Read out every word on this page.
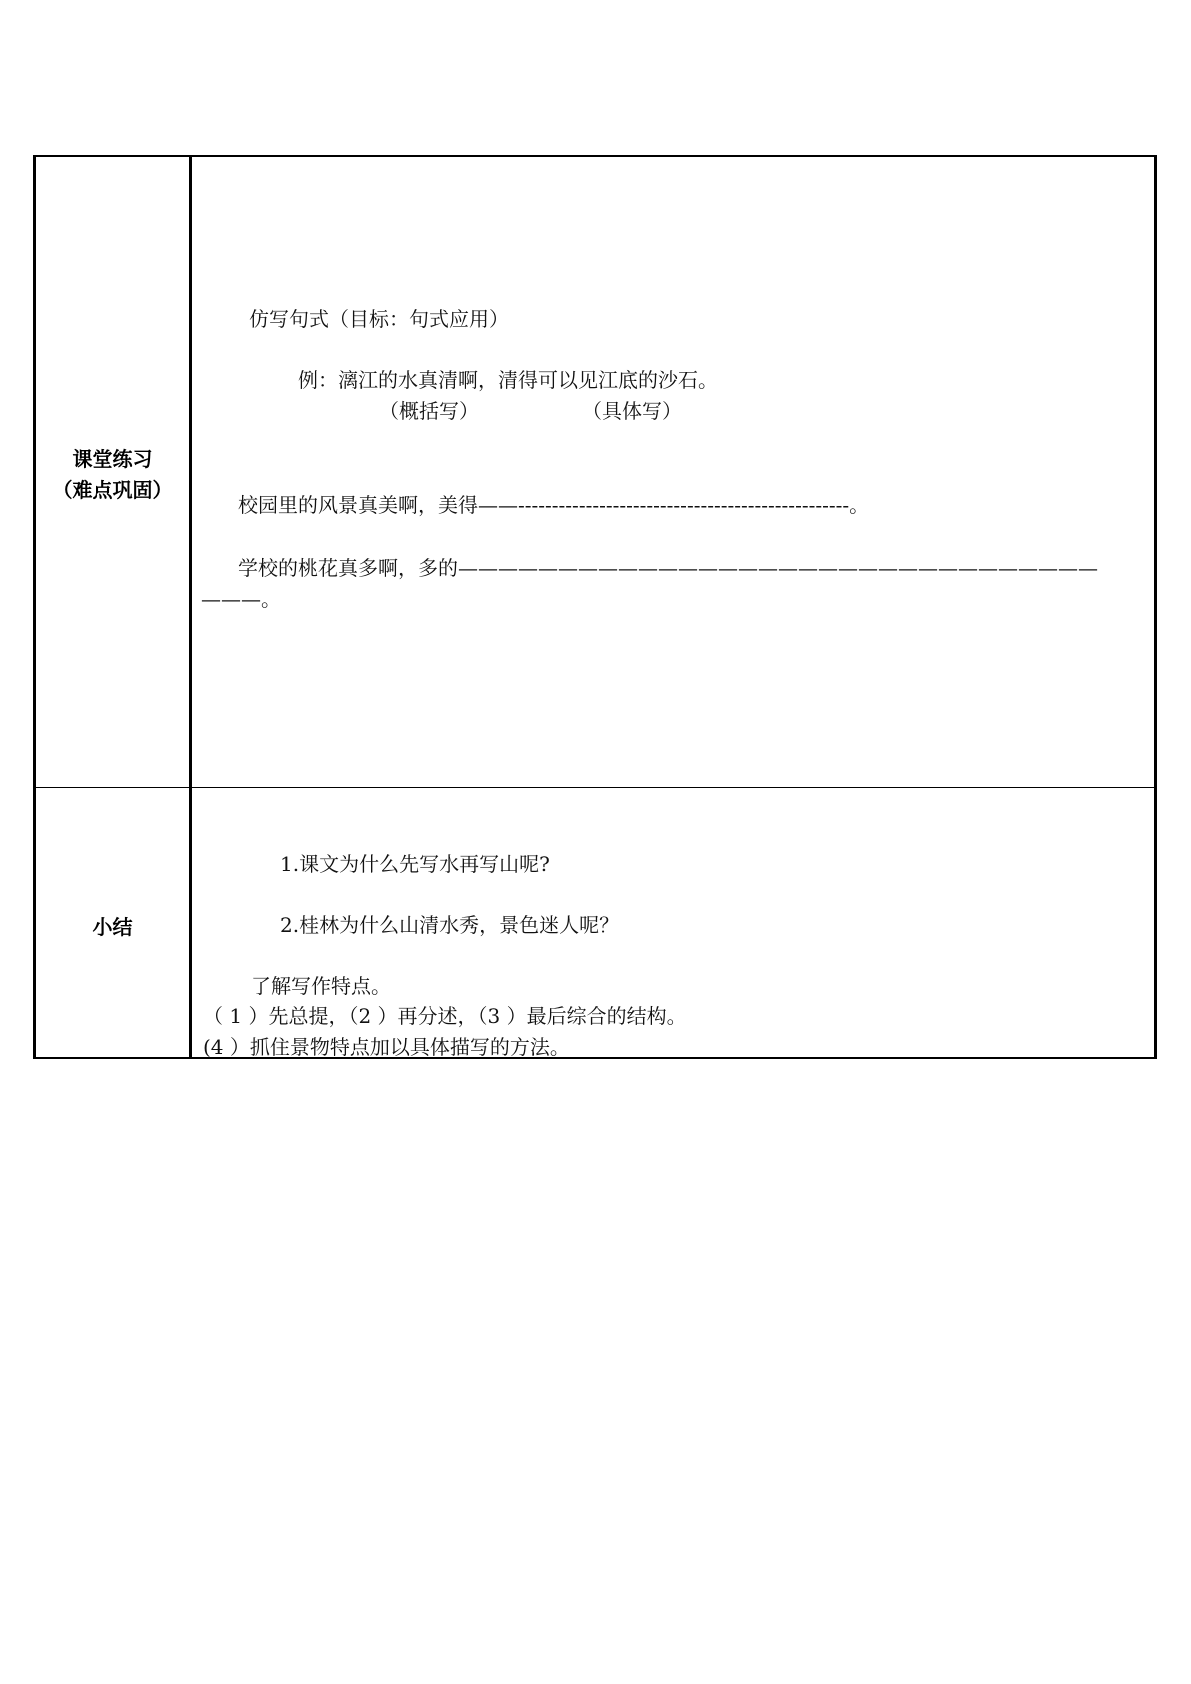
课堂练习
（难点巩固）
仿写句式（目标：句式应用）
例：漓江的水真清啊，清得可以见江底的沙石。
（概括写）	（具体写）
校园里的风景真美啊，美得——-------------------------------------------------。
学校的桃花真多啊，多的————————————————————————————————
———。
小结
1.课文为什么先写水再写山呢?
2.桂林为什么山清水秀，景色迷人呢？
了解写作特点。
（ 1 ）先总提，（2 ）再分述，（3 ）最后综合的结构。
(4 ）抓住景物特点加以具体描写的方法。
